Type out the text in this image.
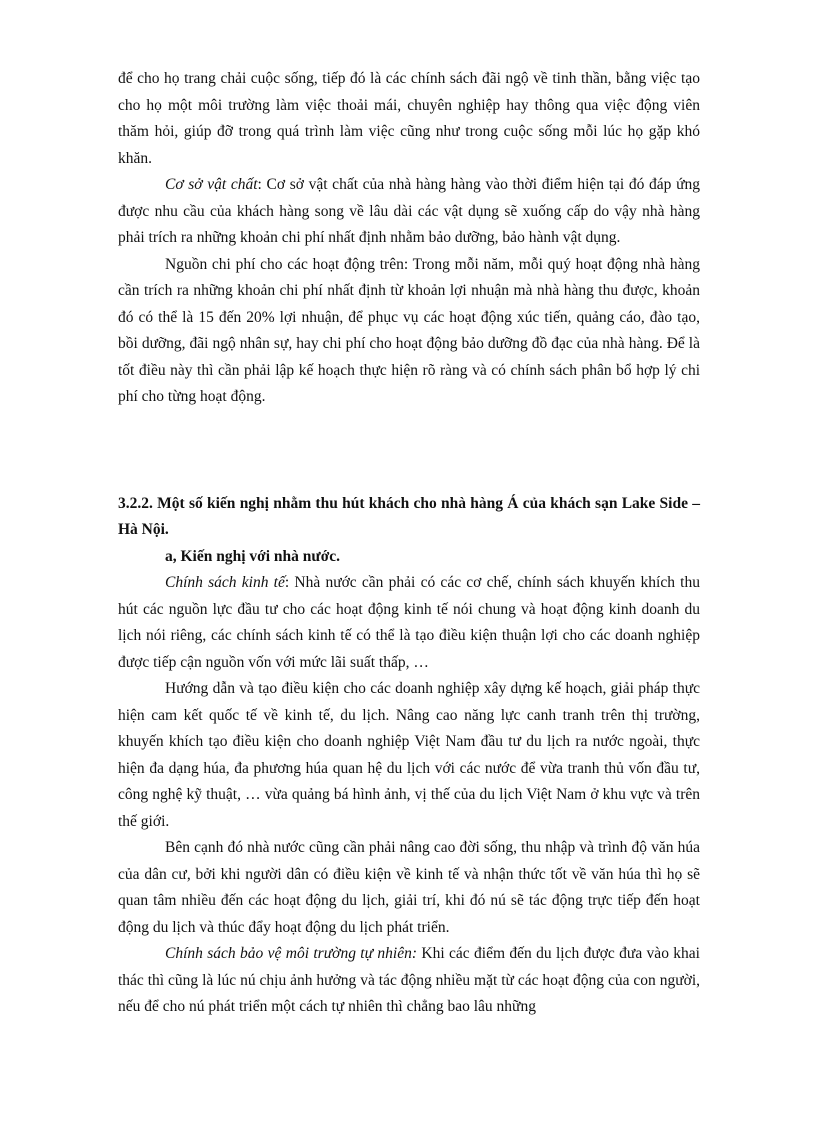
để cho họ trang chải cuộc sống, tiếp đó là các chính sách đãi ngộ về tinh thần, bằng việc tạo cho họ một môi trường làm việc thoải mái, chuyên nghiệp hay thông qua việc động viên thăm hỏi, giúp đỡ trong quá trình làm việc cũng như trong cuộc sống mỗi lúc họ gặp khó khăn.

Cơ sở vật chất: Cơ sở vật chất của nhà hàng hàng vào thời điểm hiện tại đó đáp ứng được nhu cầu của khách hàng song về lâu dài các vật dụng sẽ xuống cấp do vậy nhà hàng phải trích ra những khoản chi phí nhất định nhằm bảo dưỡng, bảo hành vật dụng.

Nguồn chi phí cho các hoạt động trên: Trong mỗi năm, mỗi quý hoạt động nhà hàng cần trích ra những khoản chi phí nhất định từ khoản lợi nhuận mà nhà hàng thu được, khoản đó có thể là 15 đến 20% lợi nhuận, để phục vụ các hoạt động xúc tiến, quảng cáo, đào tạo, bồi dưỡng, đãi ngộ nhân sự, hay chi phí cho hoạt động bảo dưỡng đồ đạc của nhà hàng. Để là tốt điều này thì cần phải lập kế hoạch thực hiện rõ ràng và có chính sách phân bổ hợp lý chi phí cho từng hoạt động.

3.2.2. Một số kiến nghị nhằm thu hút khách cho nhà hàng Á của khách sạn Lake Side – Hà Nội.

a, Kiến nghị với nhà nước.

Chính sách kinh tế: Nhà nước cần phải có các cơ chế, chính sách khuyến khích thu hút các nguồn lực đầu tư cho các hoạt động kinh tế nói chung và hoạt động kinh doanh du lịch nói riêng, các chính sách kinh tế có thể là tạo điều kiện thuận lợi cho các doanh nghiệp được tiếp cận nguồn vốn với mức lãi suất thấp, …

Hướng dẫn và tạo điều kiện cho các doanh nghiệp xây dựng kế hoạch, giải pháp thực hiện cam kết quốc tế về kinh tế, du lịch. Nâng cao năng lực canh tranh trên thị trường, khuyến khích tạo điều kiện cho doanh nghiệp Việt Nam đầu tư du lịch ra nước ngoài, thực hiện đa dạng húa, đa phương húa quan hệ du lịch với các nước để vừa tranh thủ vốn đầu tư, công nghệ kỹ thuật, … vừa quảng bá hình ảnh, vị thế của du lịch Việt Nam ở khu vực và trên thế giới.

Bên cạnh đó nhà nước cũng cần phải nâng cao đời sống, thu nhập và trình độ văn húa của dân cư, bởi khi người dân có điều kiện về kinh tế và nhận thức tốt về văn húa thì họ sẽ quan tâm nhiều đến các hoạt động du lịch, giải trí, khi đó nú sẽ tác động trực tiếp đến hoạt động du lịch và thúc đẩy hoạt động du lịch phát triển.

Chính sách bảo vệ môi trường tự nhiên: Khi các điểm đến du lịch được đưa vào khai thác thì cũng là lúc nú chịu ảnh hưởng và tác động nhiều mặt từ các hoạt động của con người, nếu để cho nú phát triển một cách tự nhiên thì chẳng bao lâu những
